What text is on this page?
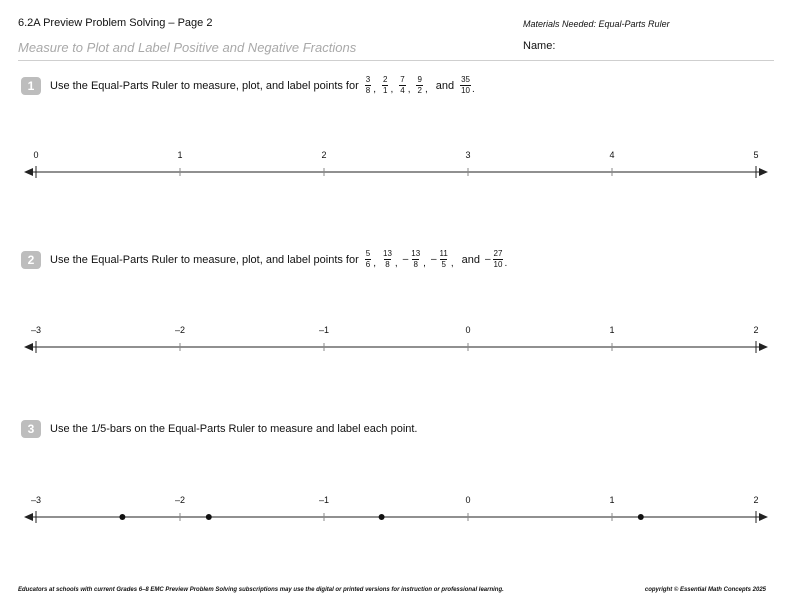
6.2A Preview Problem Solving – Page 2
Measure to Plot and Label Positive and Negative Fractions
Materials Needed: Equal-Parts Ruler
Name:
1	Use the Equal-Parts Ruler to measure, plot, and label points for $\frac{3}{8}$ , $\frac{2}{1}$ , $\frac{7}{4}$ , $\frac{9}{2}$ , and $\frac{35}{10}$ .
0	1	2	3	4	5
2	Use the Equal-Parts Ruler to measure, plot, and label points for $\frac{5}{6}$ , $\frac{13}{8}$ , – $\frac{13}{8}$ , – $\frac{11}{5}$ , and – $\frac{27}{10}$ .
–3	–2	–1	0	1	2
3	Use the 1/5-bars on the Equal-Parts Ruler to measure and label each point.
–3	–2	–1	0	1	2
Educators at schools with current Grades 6–8 EMC Preview Problem Solving subscriptions may use the digital or printed versions for instruction or professional learning.	copyright © Essential Math Concepts 2025
